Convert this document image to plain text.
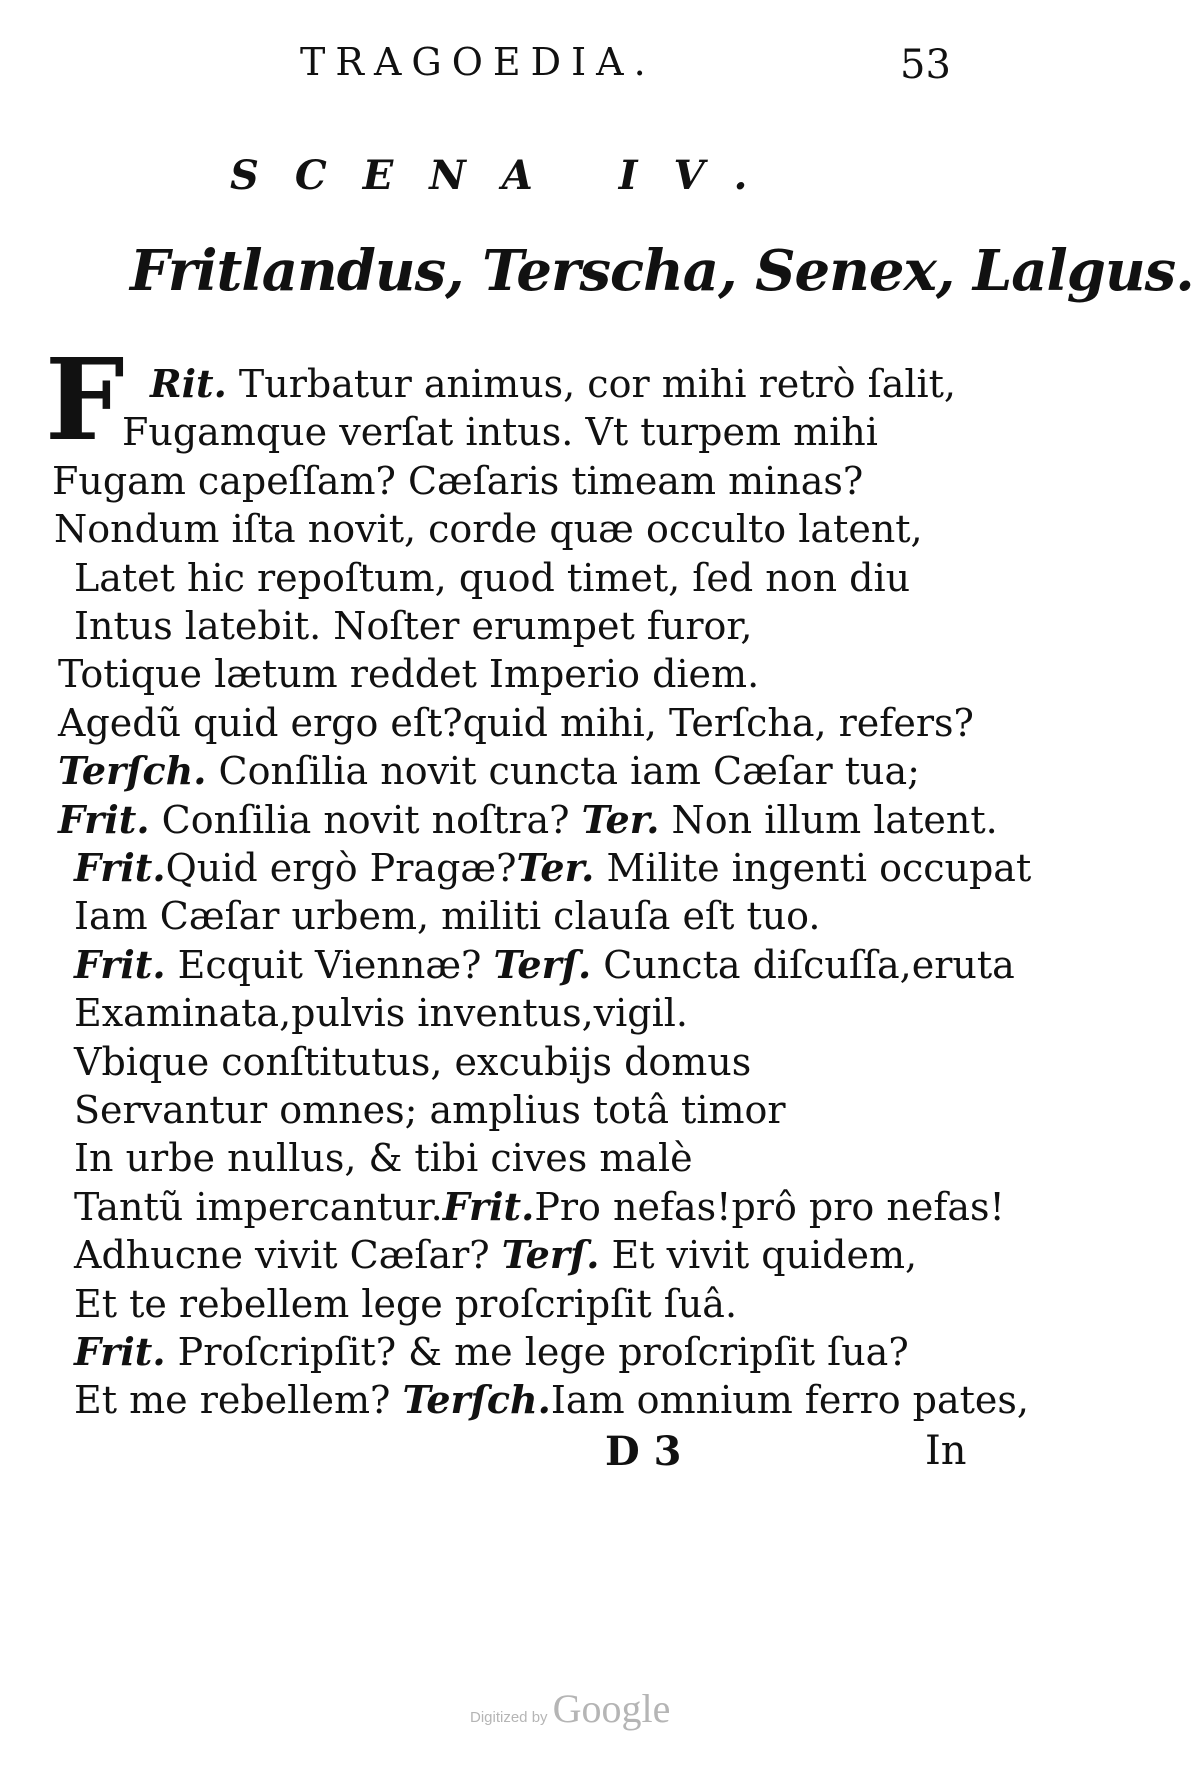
TRAGOEDIA.	53
SCENA IV.
Fritlandus, Terscha, Senex, Lalgus.
F Rit. Turbatur animus, cor mihi retrò ſalit,
Fugamque verſat intus. Vt turpem mihi
Fugam capeſſam? Cæſaris timeam minas?
Nondum iſta novit, corde quæ occulto latent,
Latet hic repoſtum, quod timet, ſed non diu
Intus latebit. Noſter erumpet furor,
Totique lætum reddet Imperio diem.
Agedũ quid ergo eſt?quid mihi, Terſcha, refers?
Terſch. Conſilia novit cuncta iam Cæſar tua;
Frit. Conſilia novit noſtra? Ter. Non illum latent.
Frit.Quid ergò Pragæ?Ter. Milite ingenti occupat
Iam Cæſar urbem, militi clauſa eſt tuo.
Frit. Ecquit Viennæ? Terſ. Cuncta diſcuſſa,eruta
Examinata,pulvis inventus,vigil.
Vbique conſtitutus, excubijs domus
Servantur omnes; amplius totâ timor
In urbe nullus, & tibi cives malè
Tantũ impercantur.Frit.Pro nefas!prô pro nefas!
Adhucne vivit Cæſar? Terſ. Et vivit quidem,
Et te rebellem lege proſcripſit ſuâ.
Frit. Proſcripſit? & me lege proſcripſit ſua?
Et me rebellem? Terſch.Iam omnium ferro pates,
D 3	In
Digitized by Google
